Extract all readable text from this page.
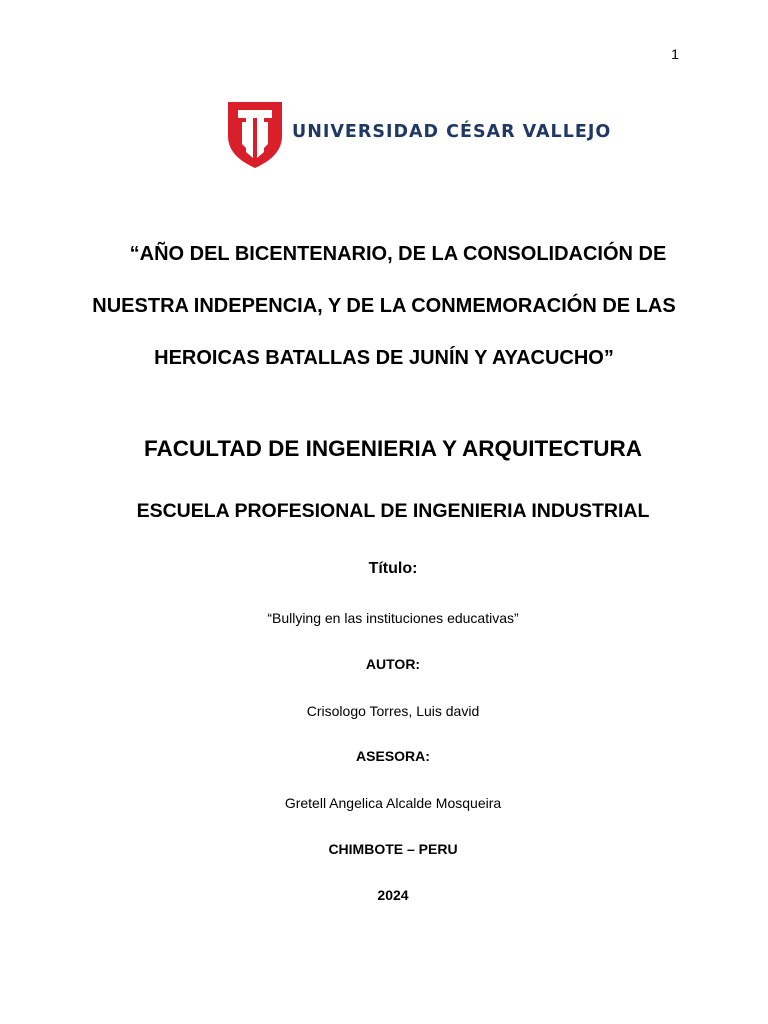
1
UNIVERSIDAD CÉSAR VALLEJO
“AÑO DEL BICENTENARIO, DE LA CONSOLIDACIÓN DE
NUESTRA INDEPENCIA, Y DE LA CONMEMORACIÓN DE LAS
HEROICAS BATALLAS DE JUNÍN Y AYACUCHO”
FACULTAD DE INGENIERIA Y ARQUITECTURA
ESCUELA PROFESIONAL DE INGENIERIA INDUSTRIAL
Título:
“Bullying en las instituciones educativas”
AUTOR:
Crisologo Torres, Luis david
ASESORA:
Gretell Angelica Alcalde Mosqueira
CHIMBOTE – PERU
2024
